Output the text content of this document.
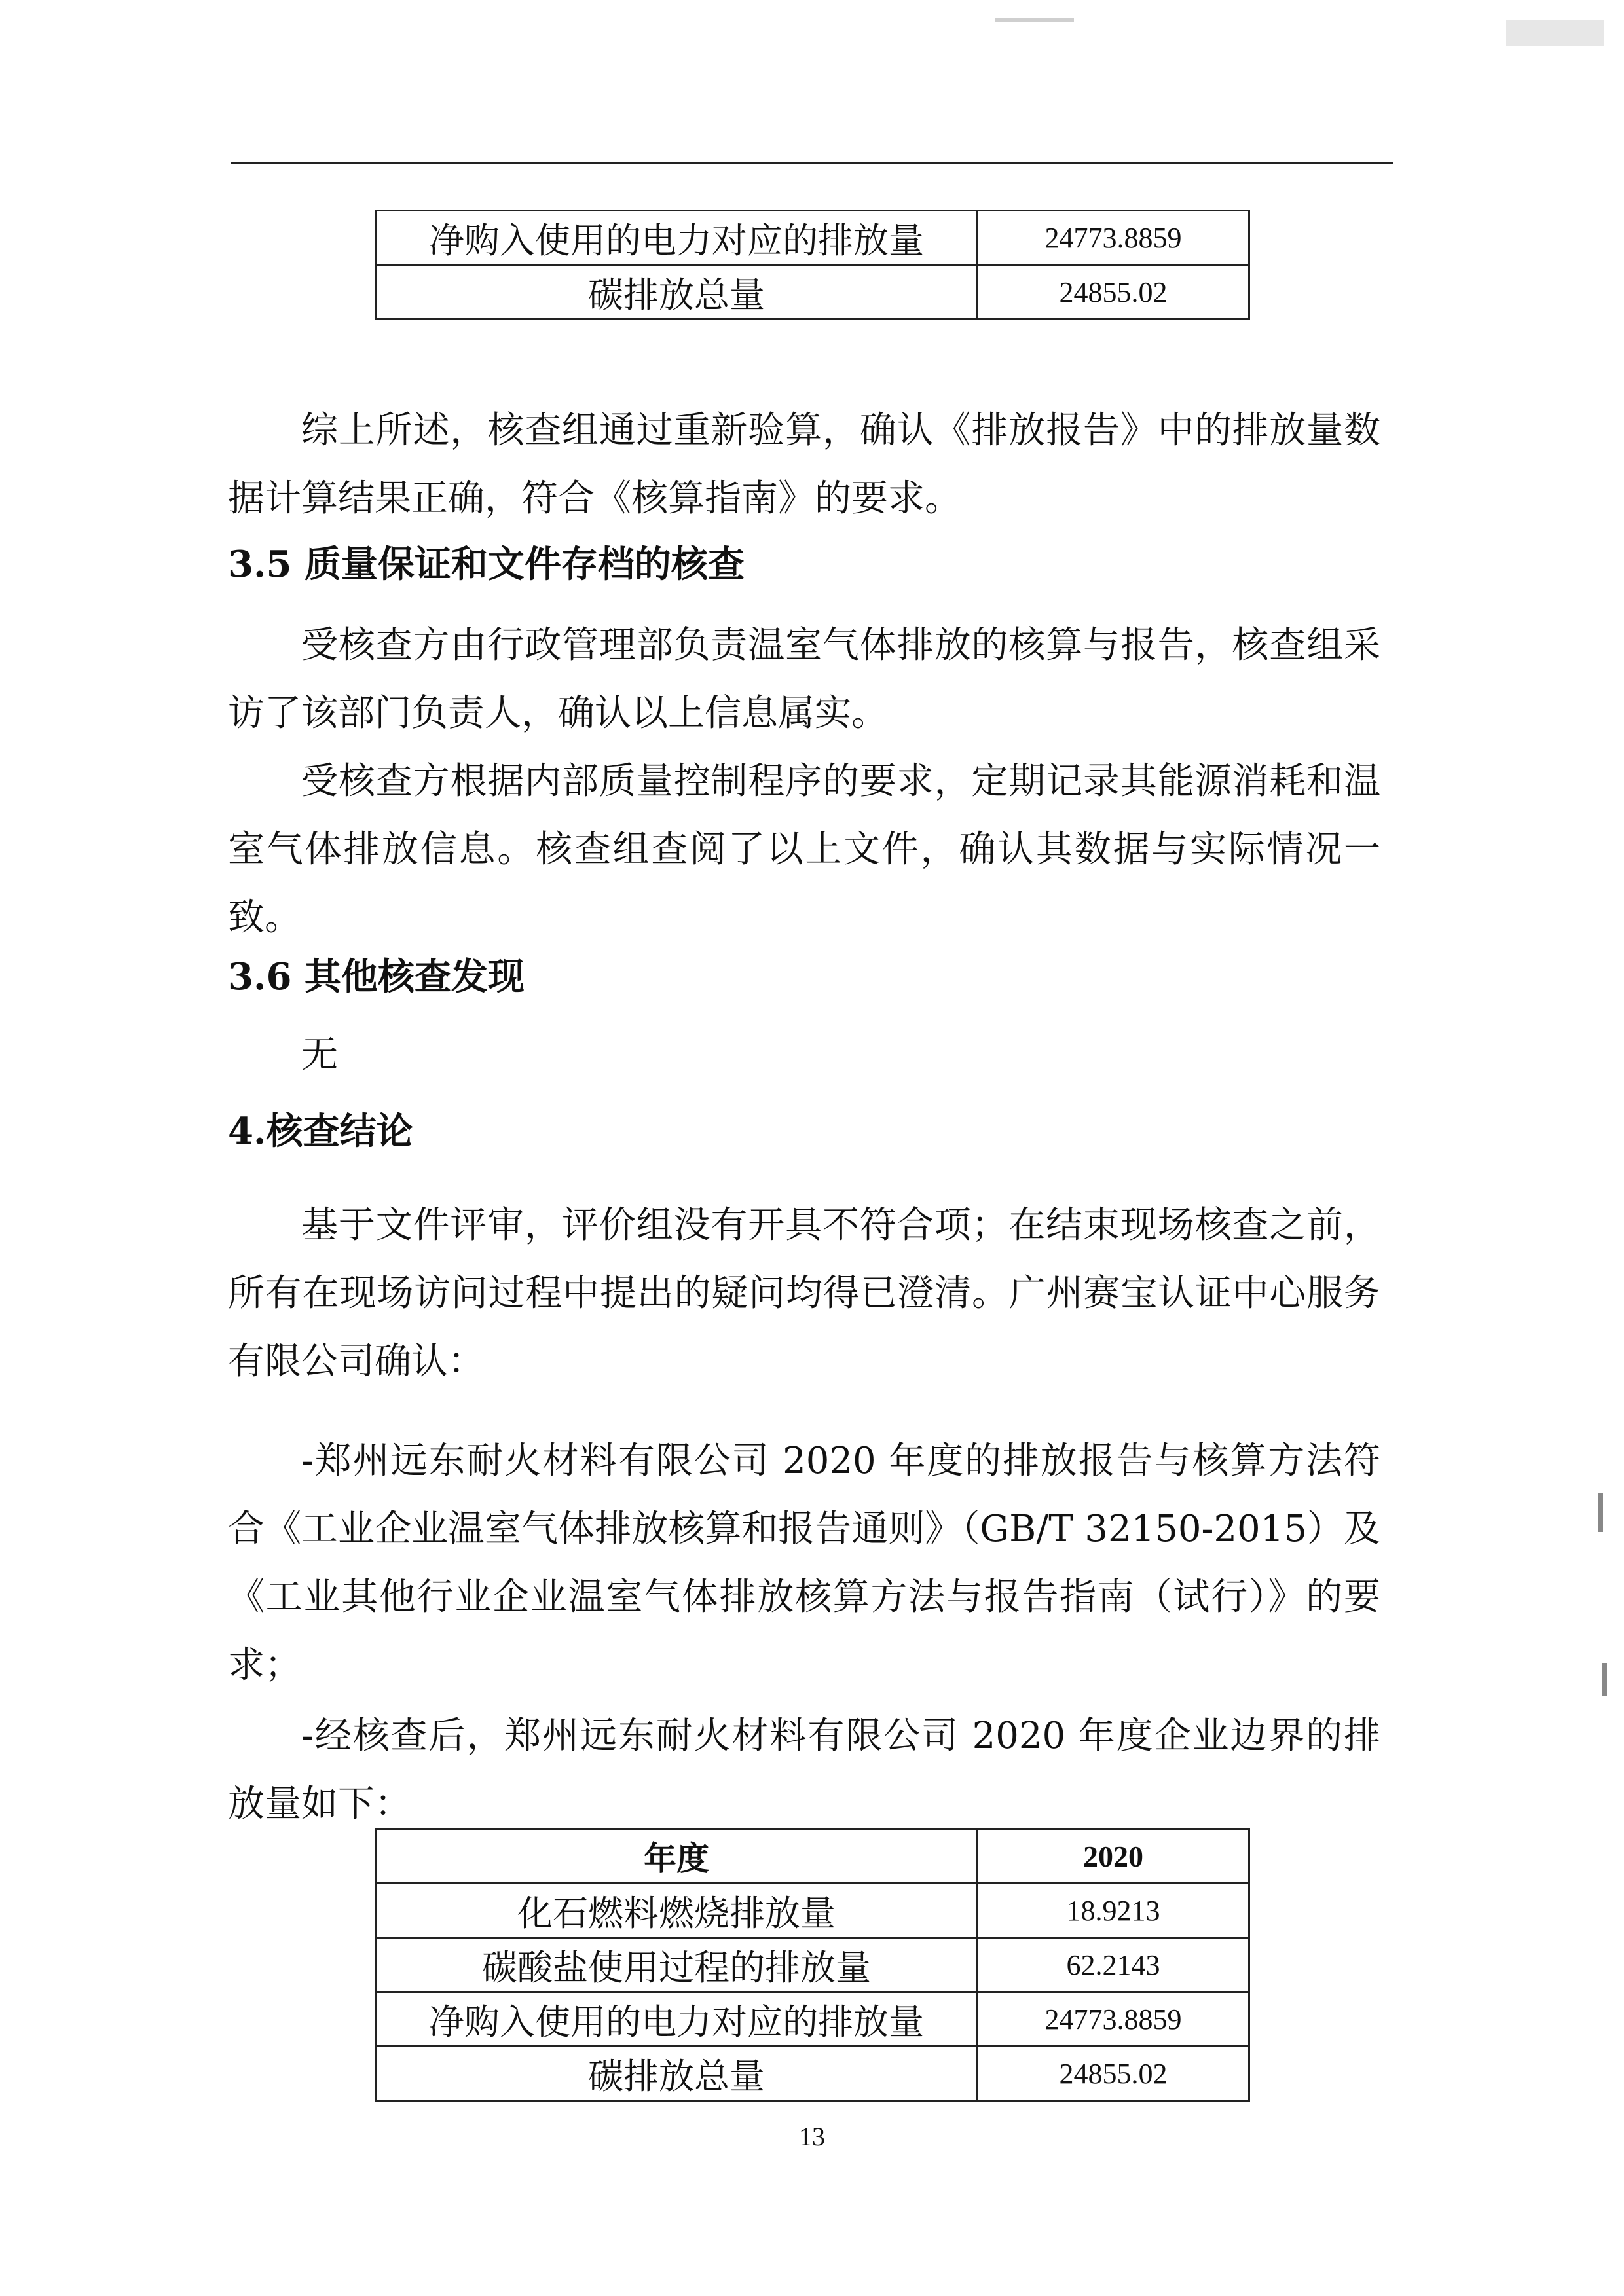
净购入使用的电力对应的排放量	24773.8859
碳排放总量	24855.02

综上所述，核查组通过重新验算，确认《排放报告》中的排放量数据计算结果正确，符合《核算指南》的要求。

3.5 质量保证和文件存档的核查

受核查方由行政管理部负责温室气体排放的核算与报告，核查组采访了该部门负责人，确认以上信息属实。

受核查方根据内部质量控制程序的要求，定期记录其能源消耗和温室气体排放信息。核查组查阅了以上文件，确认其数据与实际情况一致。

3.6 其他核查发现

无

4.核查结论

基于文件评审，评价组没有开具不符合项；在结束现场核查之前，所有在现场访问过程中提出的疑问均得已澄清。广州赛宝认证中心服务有限公司确认：

-郑州远东耐火材料有限公司 2020 年度的排放报告与核算方法符合《工业企业温室气体排放核算和报告通则》（GB/T 32150-2015）及《工业其他行业企业温室气体排放核算方法与报告指南（试行）》的要求；

-经核查后，郑州远东耐火材料有限公司 2020 年度企业边界的排放量如下：

年度	2020
化石燃料燃烧排放量	18.9213
碳酸盐使用过程的排放量	62.2143
净购入使用的电力对应的排放量	24773.8859
碳排放总量	24855.02
13
